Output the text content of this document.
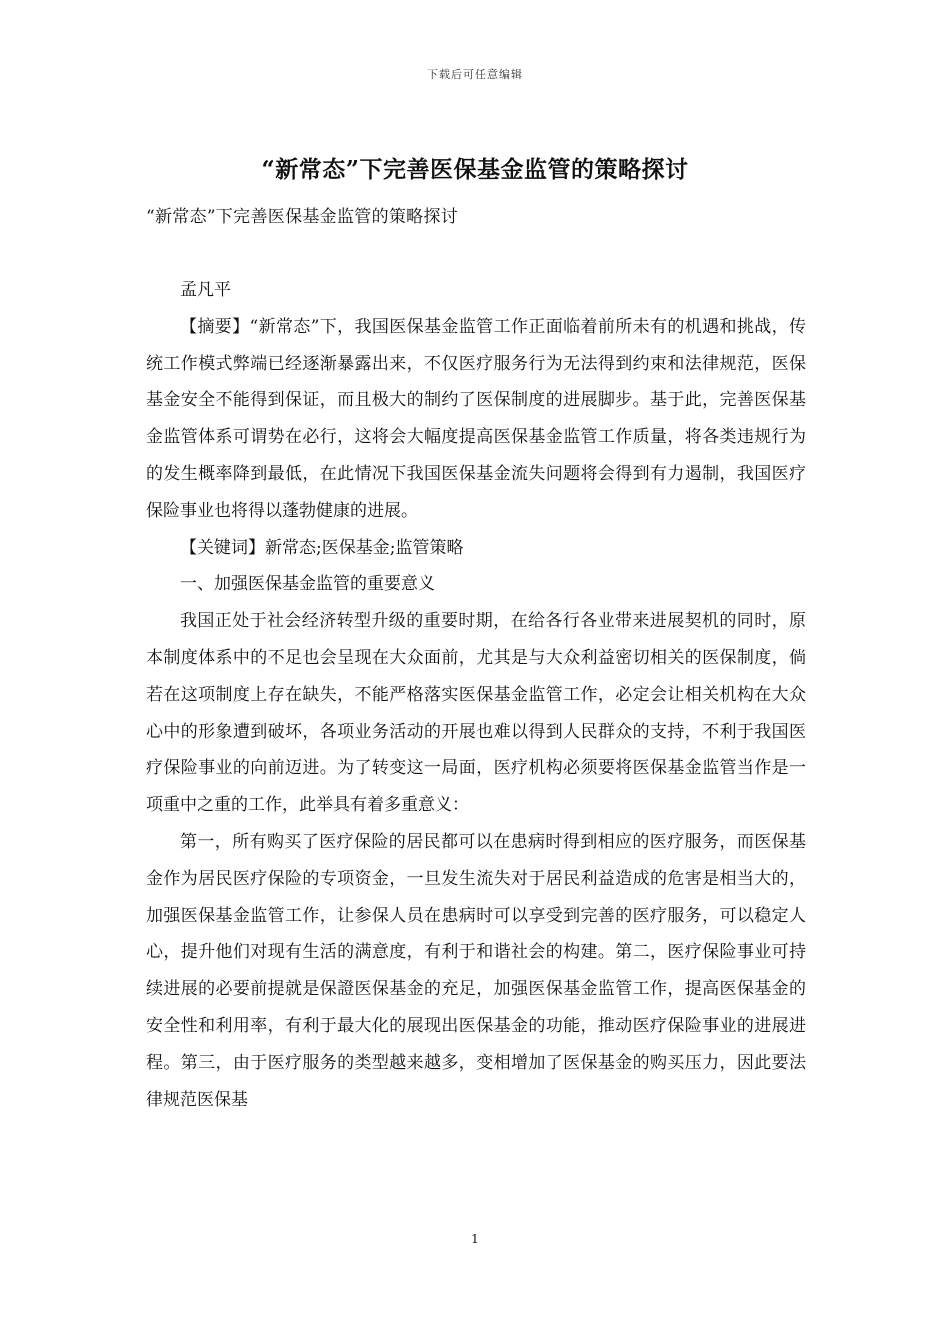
下载后可任意编辑
“新常态”下完善医保基金监管的策略探讨
“新常态”下完善医保基金监管的策略探讨

孟凡平

【摘要】“新常态”下，我国医保基金监管工作正面临着前所未有的机遇和挑战，传统工作模式弊端已经逐渐暴露出来，不仅医疗服务行为无法得到约束和法律规范，医保基金安全不能得到保证，而且极大的制约了医保制度的进展脚步。基于此，完善医保基金监管体系可谓势在必行，这将会大幅度提高医保基金监管工作质量，将各类违规行为的发生概率降到最低，在此情况下我国医保基金流失问题将会得到有力遏制，我国医疗保险事业也将得以蓬勃健康的进展。

【关键词】新常态;医保基金;监管策略

一、加强医保基金监管的重要意义

我国正处于社会经济转型升级的重要时期，在给各行各业带来进展契机的同时，原本制度体系中的不足也会呈现在大众面前，尤其是与大众利益密切相关的医保制度，倘若在这项制度上存在缺失，不能严格落实医保基金监管工作，必定会让相关机构在大众心中的形象遭到破坏，各项业务活动的开展也难以得到人民群众的支持，不利于我国医疗保险事业的向前迈进。为了转变这一局面，医疗机构必须要将医保基金监管当作是一项重中之重的工作，此举具有着多重意义：

第一，所有购买了医疗保险的居民都可以在患病时得到相应的医疗服务，而医保基金作为居民医疗保险的专项资金，一旦发生流失对于居民利益造成的危害是相当大的，加强医保基金监管工作，让参保人员在患病时可以享受到完善的医疗服务，可以稳定人心，提升他们对现有生活的满意度，有利于和谐社会的构建。第二，医疗保险事业可持续进展的必要前提就是保證医保基金的充足，加强医保基金监管工作，提高医保基金的安全性和利用率，有利于最大化的展现出医保基金的功能，推动医疗保险事业的进展进程。第三，由于医疗服务的类型越来越多，变相增加了医保基金的购买压力，因此要法律规范医保基

1
